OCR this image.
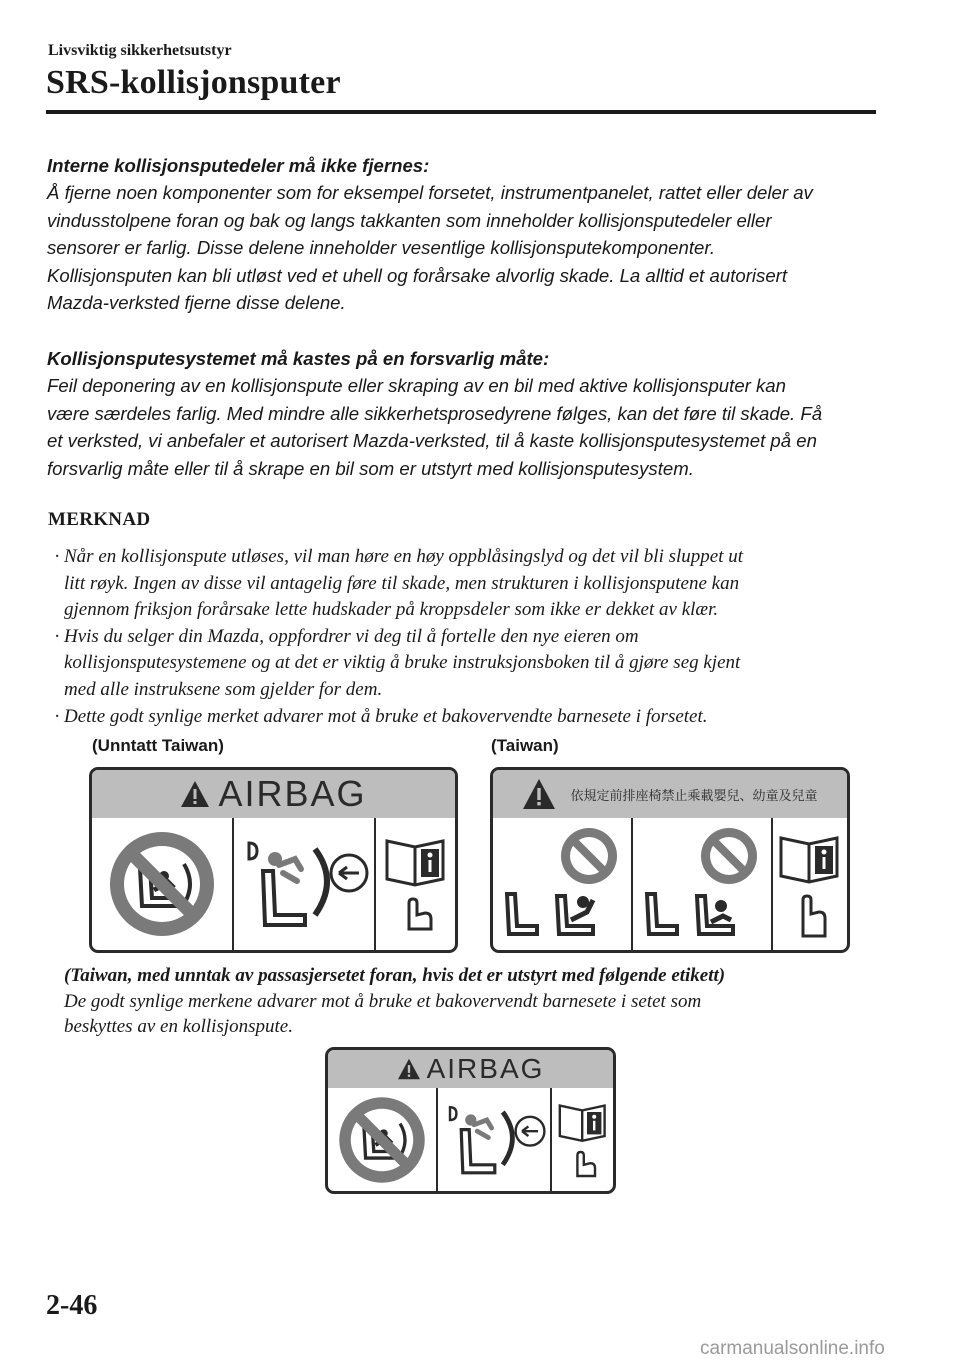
Livsviktig sikkerhetsutstyr
SRS-kollisjonsputer
Interne kollisjonsputedeler må ikke fjernes:
Å fjerne noen komponenter som for eksempel forsetet, instrumentpanelet, rattet eller deler av
vindusstolpene foran og bak og langs takkanten som inneholder kollisjonsputedeler eller
sensorer er farlig. Disse delene inneholder vesentlige kollisjonsputekomponenter.
Kollisjonsputen kan bli utløst ved et uhell og forårsake alvorlig skade. La alltid et autorisert
Mazda-verksted fjerne disse delene.
Kollisjonsputesystemet må kastes på en forsvarlig måte:
Feil deponering av en kollisjonspute eller skraping av en bil med aktive kollisjonsputer kan
være særdeles farlig. Med mindre alle sikkerhetsprosedyrene følges, kan det føre til skade. Få
et verksted, vi anbefaler et autorisert Mazda-verksted, til å kaste kollisjonsputesystemet på en
forsvarlig måte eller til å skrape en bil som er utstyrt med kollisjonsputesystem.
MERKNAD
· Når en kollisjonspute utløses, vil man høre en høy oppblåsingslyd og det vil bli sluppet ut
litt røyk. Ingen av disse vil antagelig føre til skade, men strukturen i kollisjonsputene kan
gjennom friksjon forårsake lette hudskader på kroppsdeler som ikke er dekket av klær.
· Hvis du selger din Mazda, oppfordrer vi deg til å fortelle den nye eieren om
kollisjonsputesystemene og at det er viktig å bruke instruksjonsboken til å gjøre seg kjent
med alle instruksene som gjelder for dem.
· Dette godt synlige merket advarer mot å bruke et bakovervendte barnesete i forsetet.
(Unntatt Taiwan)	(Taiwan)
AIRBAG	依規定前排座椅禁止乘載嬰兒、幼童及兒童
(Taiwan, med unntak av passasjersetet foran, hvis det er utstyrt med følgende etikett)
De godt synlige merkene advarer mot å bruke et bakovervendt barnesete i setet som
beskyttes av en kollisjonspute.
AIRBAG
2-46
carmanualsonline.info
